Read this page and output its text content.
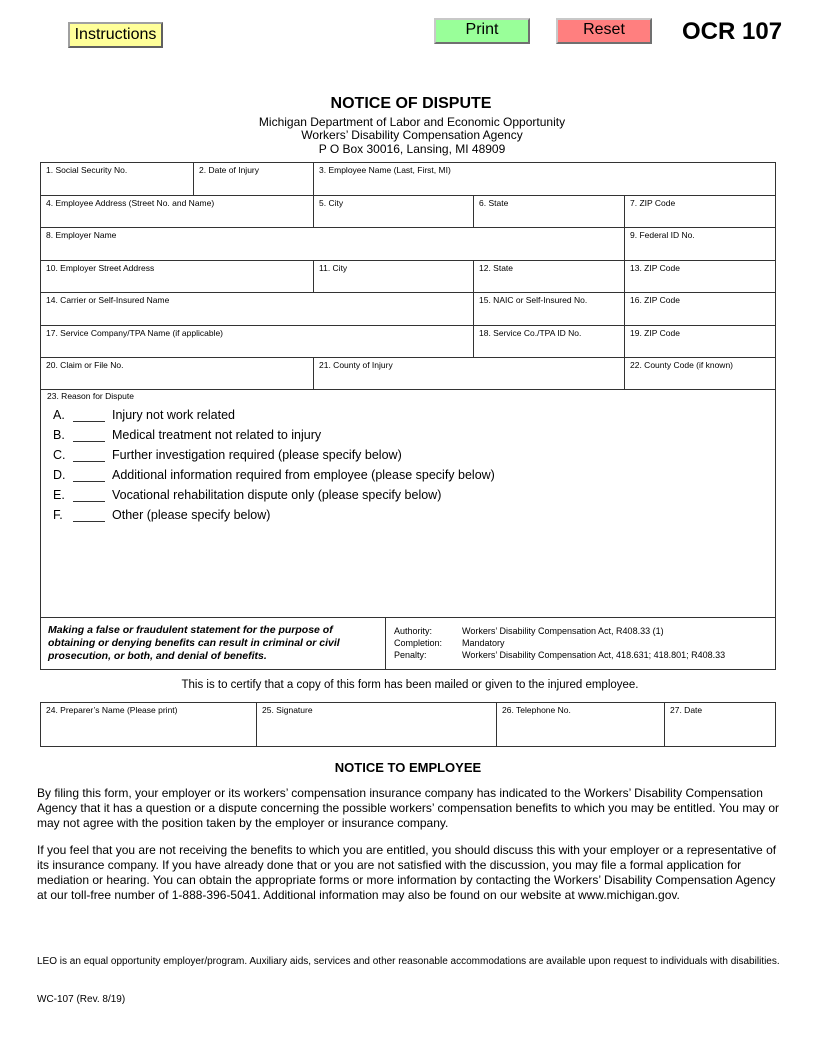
Instructions	Print	Reset	OCR 107
NOTICE OF DISPUTE
Michigan Department of Labor and Economic Opportunity
Workers’ Disability Compensation Agency
P O Box 30016, Lansing, MI 48909
1. Social Security No.	2. Date of Injury	3. Employee Name (Last, First, MI)
4. Employee Address (Street No. and Name)	5. City	6. State	7. ZIP Code
8. Employer Name	9. Federal ID No.
10. Employer Street Address	11. City	12. State	13. ZIP Code
14. Carrier or Self-Insured Name	15. NAIC or Self-Insured No.	16. ZIP Code
17. Service Company/TPA Name (if applicable)	18. Service Co./TPA ID No.	19. ZIP Code
20. Claim or File No.	21. County of Injury	22. County Code (if known)
23. Reason for Dispute
A.	Injury not work related
B.	Medical treatment not related to injury
C.	Further investigation required (please specify below)
D.	Additional information required from employee (please specify below)
E.	Vocational rehabilitation dispute only (please specify below)
F.	Other (please specify below)
Making a false or fraudulent statement for the purpose of obtaining or denying benefits can result in criminal or civil prosecution, or both, and denial of benefits.
Authority:	Workers’ Disability Compensation Act, R408.33 (1)
Completion: Mandatory
Penalty:	Workers’ Disability Compensation Act, 418.631; 418.801; R408.33
This is to certify that a copy of this form has been mailed or given to the injured employee.
24. Preparer’s Name (Please print)	25. Signature	26. Telephone No.	27. Date
NOTICE TO EMPLOYEE
By filing this form, your employer or its workers’ compensation insurance company has indicated to the Workers’ Disability Compensation Agency that it has a question or a dispute concerning the possible workers’ compensation benefits to which you may be entitled. You may or may not agree with the position taken by the employer or insurance company.
If you feel that you are not receiving the benefits to which you are entitled, you should discuss this with your employer or a representative of its insurance company. If you have already done that or you are not satisfied with the discussion, you may file a formal application for mediation or hearing. You can obtain the appropriate forms or more information by contacting the Workers’ Disability Compensation Agency at our toll-free number of 1-888-396-5041. Additional information may also be found on our website at www.michigan.gov.
LEO is an equal opportunity employer/program. Auxiliary aids, services and other reasonable accommodations are available upon request to individuals with disabilities.
WC-107 (Rev. 8/19)
